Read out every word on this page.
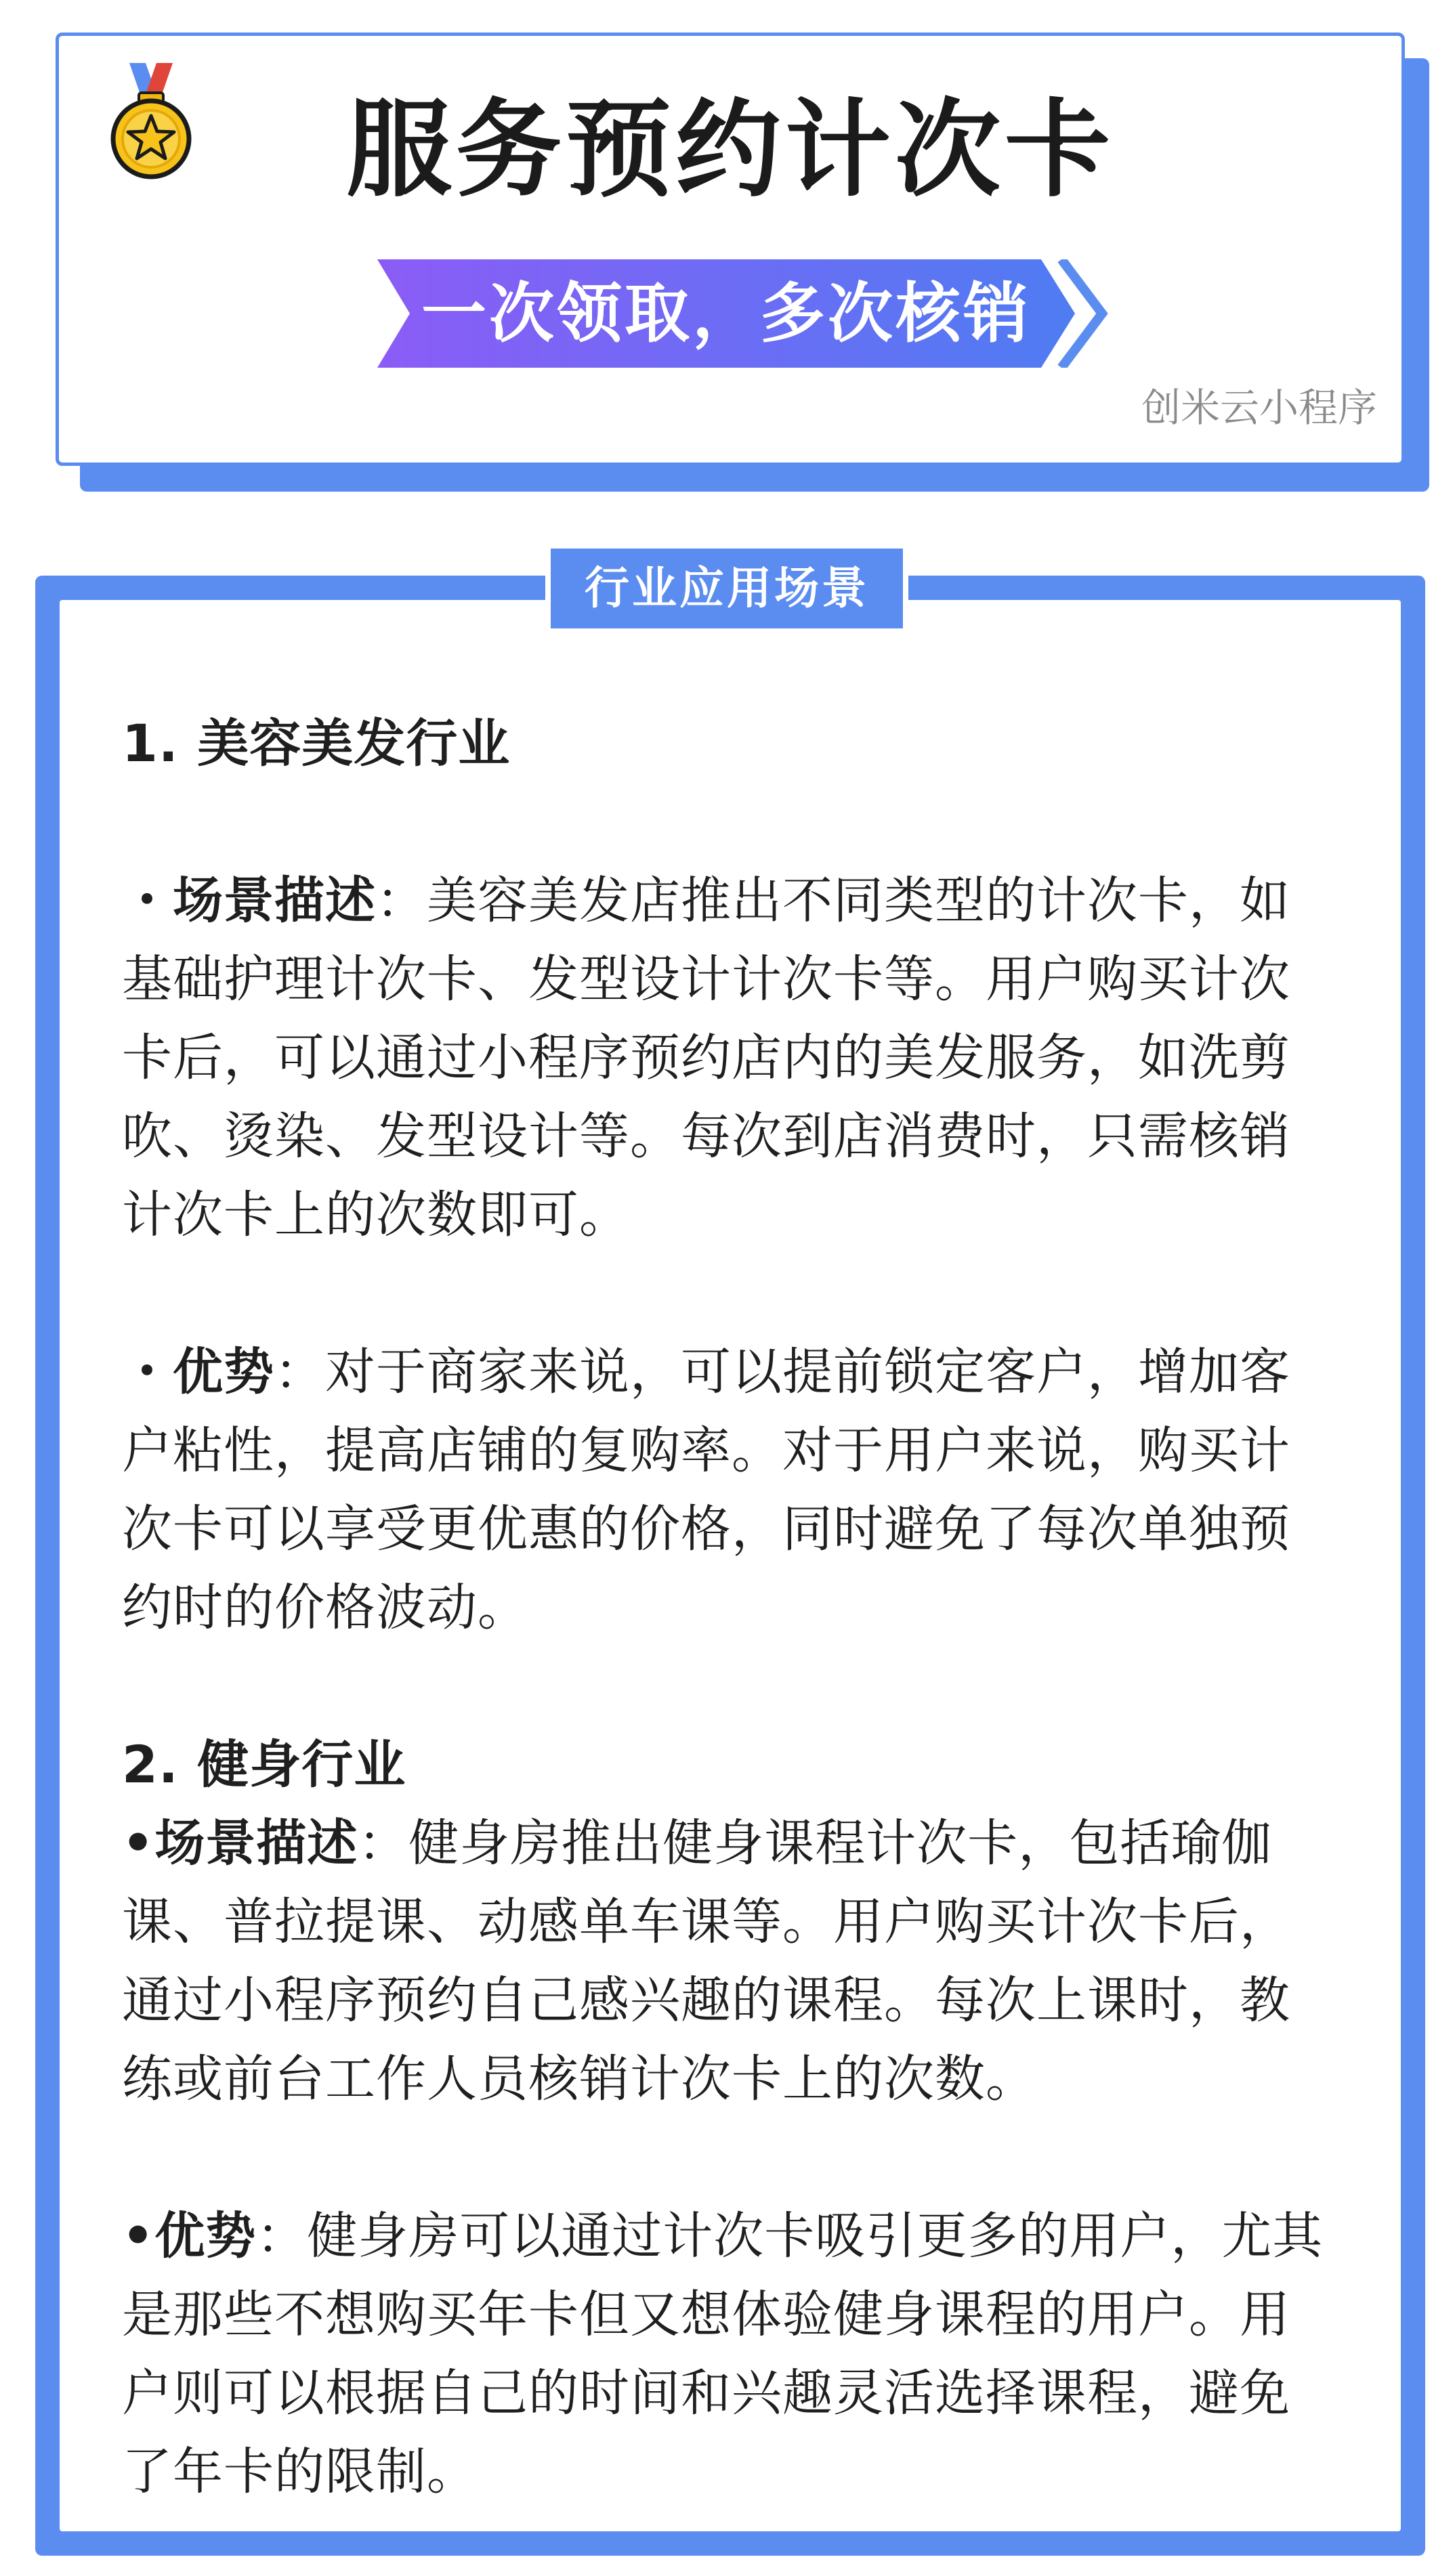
服务预约计次卡
一次领取，多次核销
创米云小程序
行业应用场景

1. 美容美发行业

・场景描述：美容美发店推出不同类型的计次卡，如基础护理计次卡、发型设计计次卡等。用户购买计次卡后，可以通过小程序预约店内的美发服务，如洗剪吹、烫染、发型设计等。每次到店消费时，只需核销计次卡上的次数即可。

・优势：对于商家来说，可以提前锁定客户，增加客户粘性，提高店铺的复购率。对于用户来说，购买计次卡可以享受更优惠的价格，同时避免了每次单独预约时的价格波动。

2. 健身行业

•场景描述：健身房推出健身课程计次卡，包括瑜伽课、普拉提课、动感单车课等。用户购买计次卡后，通过小程序预约自己感兴趣的课程。每次上课时，教练或前台工作人员核销计次卡上的次数。

•优势：健身房可以通过计次卡吸引更多的用户，尤其是那些不想购买年卡但又想体验健身课程的用户。用户则可以根据自己的时间和兴趣灵活选择课程，避免了年卡的限制。
